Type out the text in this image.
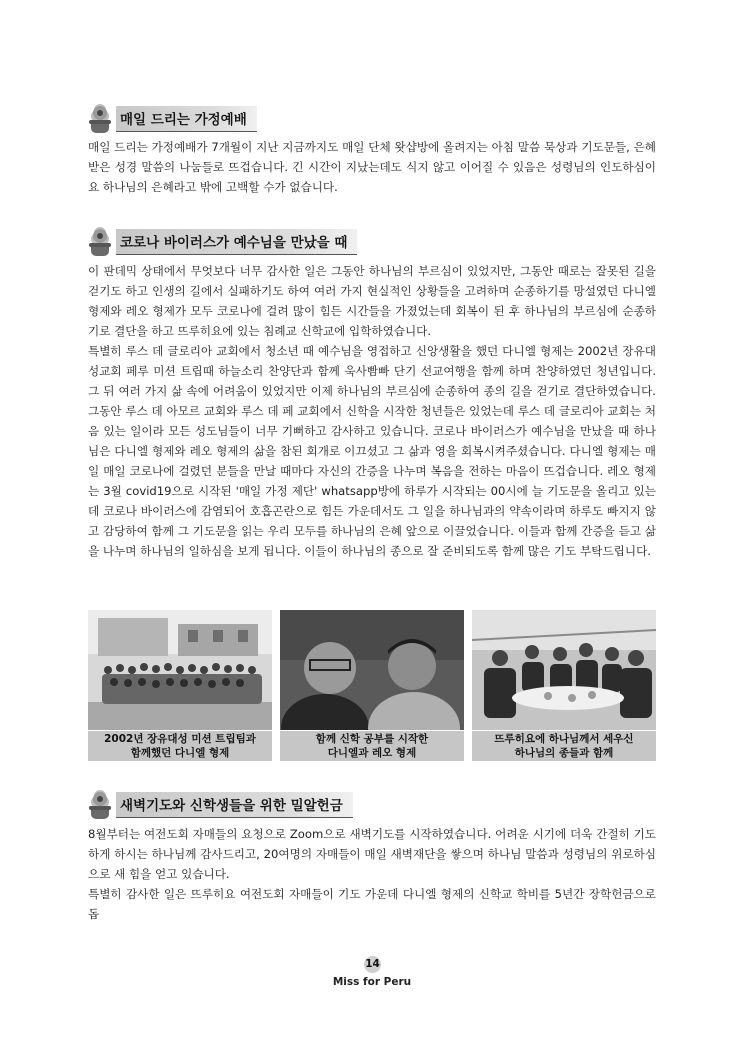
매일 드리는 가정예배

매일 드리는 가정예배가 7개월이 지난 지금까지도 매일 단체 왓샵방에 올려지는 아침 말씀 묵상과 기도문들, 은혜받은 성경 말씀의 나눔들로 뜨겁습니다. 긴 시간이 지났는데도 식지 않고 이어질 수 있음은 성령님의 인도하심이요 하나님의 은혜라고 밖에 고백할 수가 없습니다.

코로나 바이러스가 예수님을 만났을 때

이 판데믹 상태에서 무엇보다 너무 감사한 일은 그동안 하나님의 부르심이 있었지만, 그동안 때로는 잘못된 길을 걷기도 하고 인생의 길에서 실패하기도 하여 여러 가지 현실적인 상황들을 고려하며 순종하기를 망설였던 다니엘 형제와 레오 형제가 모두 코로나에 걸려 많이 힘든 시간들을 가졌었는데 회복이 된 후 하나님의 부르심에 순종하기로 결단을 하고 뜨루히요에 있는 침례교 신학교에 입학하였습니다.

특별히 루스 데 글로리아 교회에서 청소년 때 예수님을 영접하고 신앙생활을 했던 다니엘 형제는 2002년 장유대성교회 페루 미션 트립때 하늘소리 찬양단과 함께 욱사빰빠 단기 선교여행을 함께 하며 찬양하였던 청년입니다. 그 뒤 여러 가지 삶 속에 어려움이 있었지만 이제 하나님의 부르심에 순종하여 종의 길을 걷기로 결단하였습니다. 그동안 루스 데 아모르 교회와 루스 데 페 교회에서 신학을 시작한 청년들은 있었는데 루스 데 글로리아 교회는 처음 있는 일이라 모든 성도님들이 너무 기뻐하고 감사하고 있습니다. 코로나 바이러스가 예수님을 만났을 때 하나님은 다니엘 형제와 레오 형제의 삶을 참된 회개로 이끄셨고 그 삶과 영을 회복시켜주셨습니다. 다니엘 형제는 매일 매일 코로나에 걸렸던 분들을 만날 때마다 자신의 간증을 나누며 복음을 전하는 마음이 뜨겁습니다. 레오 형제는 3월 covid19으로 시작된 '매일 가정 제단' whatsapp방에 하루가 시작되는 00시에 늘 기도문을 올리고 있는데 코로나 바이러스에 감염되어 호흡곤란으로 힘든 가운데서도 그 일을 하나님과의 약속이라며 하루도 빠지지 않고 감당하여 함께 그 기도문을 읽는 우리 모두를 하나님의 은혜 앞으로 이끌었습니다. 이들과 함께 간증을 듣고 삶을 나누며 하나님의 일하심을 보게 됩니다. 이들이 하나님의 종으로 잘 준비되도록 함께 많은 기도 부탁드립니다.

2002년 장유대성 미션 트립팀과
함께했던 다니엘 형제
함께 신학 공부를 시작한
다니엘과 레오 형제
뜨루히요에 하나님께서 세우신
하나님의 종들과 함께
새벽기도와 신학생들을 위한 밀알헌금

8월부터는 여전도회 자매들의 요청으로 Zoom으로 새벽기도를 시작하였습니다. 어려운 시기에 더욱 간절히 기도하게 하시는 하나님께 감사드리고, 20여명의 자매들이 매일 새벽재단을 쌓으며 하나님 말씀과 성령님의 위로하심으로 새 힘을 얻고 있습니다.

특별히 감사한 일은 뜨루히요 여전도회 자매들이 기도 가운데 다니엘 형제의 신학교 학비를 5년간 장학헌금으로 돕

14
Miss for Peru
